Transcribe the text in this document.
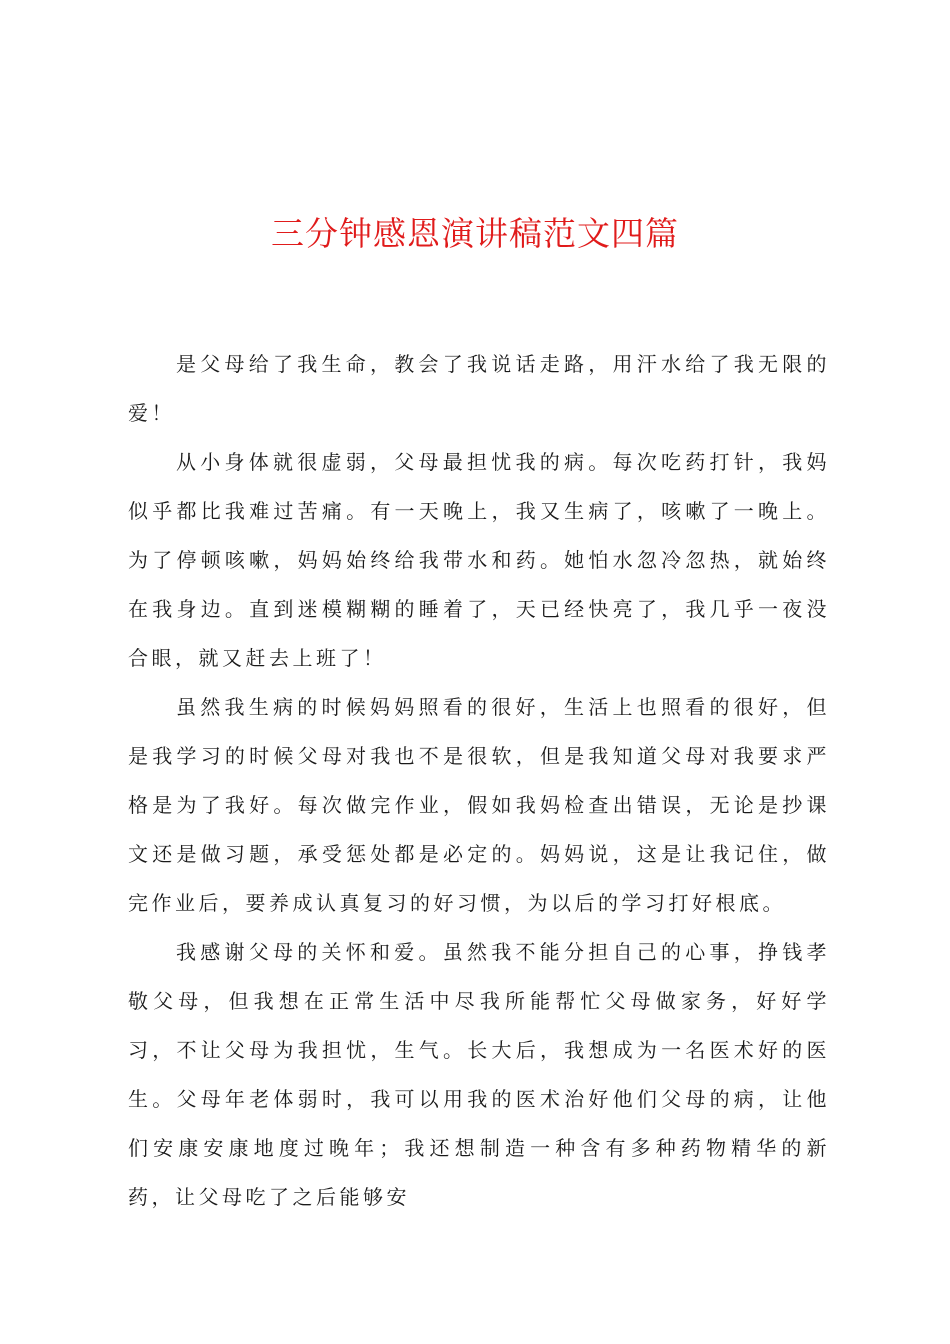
三分钟感恩演讲稿范文四篇

是父母给了我生命，教会了我说话走路，用汗水给了我无限的爱！

从小身体就很虚弱，父母最担忧我的病。每次吃药打针，我妈似乎都比我难过苦痛。有一天晚上，我又生病了，咳嗽了一晚上。为了停顿咳嗽，妈妈始终给我带水和药。她怕水忽冷忽热，就始终在我身边。直到迷模糊糊的睡着了，天已经快亮了，我几乎一夜没合眼，就又赶去上班了！

虽然我生病的时候妈妈照看的很好，生活上也照看的很好，但是我学习的时候父母对我也不是很软，但是我知道父母对我要求严格是为了我好。每次做完作业，假如我妈检查出错误，无论是抄课文还是做习题，承受惩处都是必定的。妈妈说，这是让我记住，做完作业后，要养成认真复习的好习惯，为以后的学习打好根底。

我感谢父母的关怀和爱。虽然我不能分担自己的心事，挣钱孝敬父母，但我想在正常生活中尽我所能帮忙父母做家务，好好学习，不让父母为我担忧，生气。长大后，我想成为一名医术好的医生。父母年老体弱时，我可以用我的医术治好他们父母的病，让他们安康安康地度过晚年；我还想制造一种含有多种药物精华的新药，让父母吃了之后能够安
